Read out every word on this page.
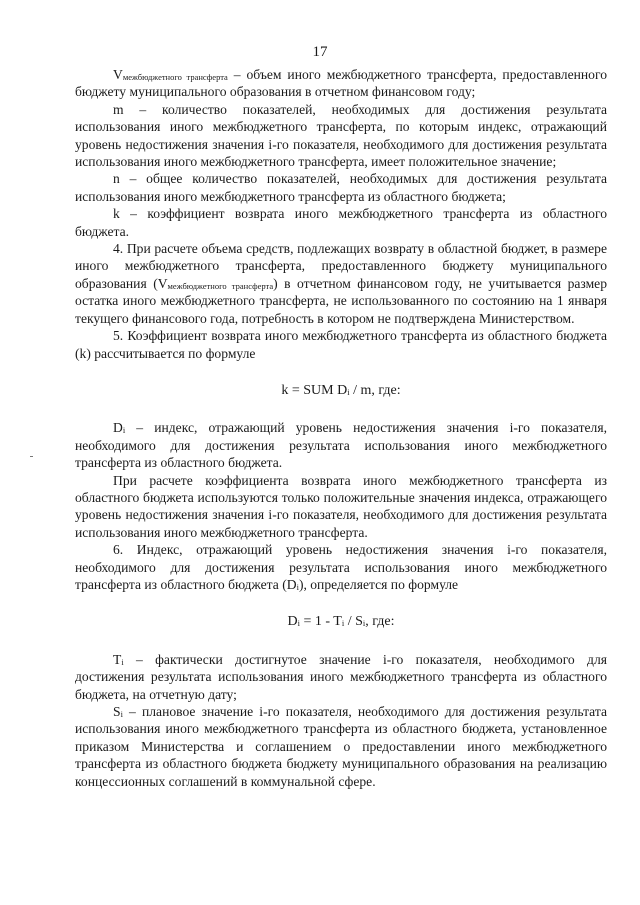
17

$V_{межбюджетного трансферта}$ – объем иного межбюджетного трансферта, предоставленного бюджету муниципального образования в отчетном финансовом году;

m – количество показателей, необходимых для достижения результата использования иного межбюджетного трансферта, по которым индекс, отражающий уровень недостижения значения i-го показателя, необходимого для достижения результата использования иного межбюджетного трансферта, имеет положительное значение;

n – общее количество показателей, необходимых для достижения результата использования иного межбюджетного трансферта из областного бюджета;

k – коэффициент возврата иного межбюджетного трансферта из областного бюджета.

4. При расчете объема средств, подлежащих возврату в областной бюджет, в размере иного межбюджетного трансферта, предоставленного бюджету муниципального образования $(V_{межбюджетного трансферта})$ в отчетном финансовом году, не учитывается размер остатка иного межбюджетного трансферта, не использованного по состоянию на 1 января текущего финансового года, потребность в котором не подтверждена Министерством.

5. Коэффициент возврата иного межбюджетного трансферта из областного бюджета (k) рассчитывается по формуле

k = SUM $D_i$ / m, где:

$D_i$ – индекс, отражающий уровень недостижения значения i-го показателя, необходимого для достижения результата использования иного межбюджетного трансферта из областного бюджета.

При расчете коэффициента возврата иного межбюджетного трансферта из областного бюджета используются только положительные значения индекса, отражающего уровень недостижения значения i-го показателя, необходимого для достижения результата использования иного межбюджетного трансферта.

6. Индекс, отражающий уровень недостижения значения i-го показателя, необходимого для достижения результата использования иного межбюджетного трансферта из областного бюджета $(D_i)$, определяется по формуле

$D_i = 1 - T_i / S_i$, где:

$T_i$ – фактически достигнутое значение i-го показателя, необходимого для достижения результата использования иного межбюджетного трансферта из областного бюджета, на отчетную дату;

$S_i$ – плановое значение i-го показателя, необходимого для достижения результата использования иного межбюджетного трансферта из областного бюджета, установленное приказом Министерства и соглашением о предоставлении иного межбюджетного трансферта из областного бюджета бюджету муниципального образования на реализацию концессионных соглашений в коммунальной сфере.
